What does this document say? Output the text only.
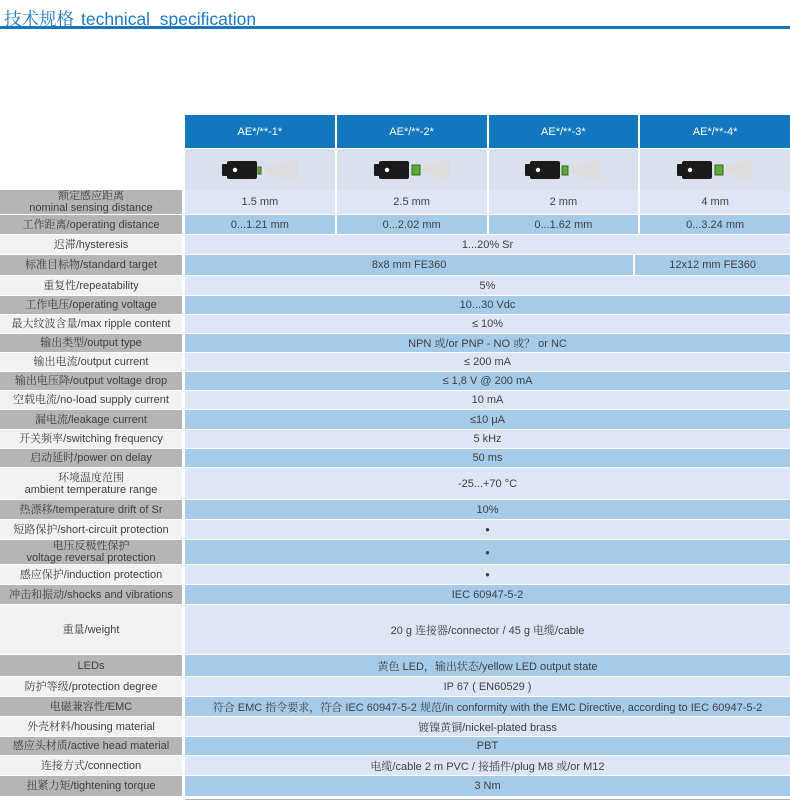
技术规格 technical  specification
AE*/**-1*	AE*/**-2*	AE*/**-3*	AE*/**-4*
额定感应距离
nominal sensing distance	1.5 mm	2.5 mm	2 mm	4 mm
工作距离/operating distance	0...1.21 mm	0...2.02 mm	0...1.62 mm	0...3.24 mm
迟滞/hysteresis	1...20% Sr
标准目标物/standard target	8x8 mm FE360	12x12 mm FE360
重复性/repeatability	5%
工作电压/operating voltage	10...30 Vdc
最大纹波含量/max ripple content	≤ 10%
输出类型/output type	NPN 或/or PNP - NO 或？ or NC
输出电流/output current	≤ 200 mA
输出电压降/output voltage drop	≤ 1,8 V @ 200 mA
空载电流/no-load supply current	10 mA
漏电流/leakage current	≤10 μA
开关频率/switching frequency	5 kHz
启动延时/power on delay	50 ms
环境温度范围
ambient temperature range	-25...+70 °C
热漂移/temperature drift of Sr	10%
短路保护/short-circuit protection	●
电压反极性保护
voltage reversal protection	●
感应保护/induction protection	●
冲击和振动/shocks and vibrations	IEC 60947-5-2
重量/weight	20 g 连接器/connector / 45 g 电缆/cable
LEDs	黄色 LED，输出状态/yellow LED output state
防护等级/protection degree	IP 67 ( EN60529 )
电磁兼容性/EMC	符合 EMC 指令要求，符合 IEC 60947-5-2 规范/in conformity with the EMC Directive, according to IEC 60947-5-2
外壳材料/housing material	镀镍黄铜/nickel-plated brass
感应头材质/active head material	PBT
连接方式/connection	电缆/cable 2 m PVC / 接插件/plug M8 或/or M12
扭紧力矩/tightening torque	3 Nm
